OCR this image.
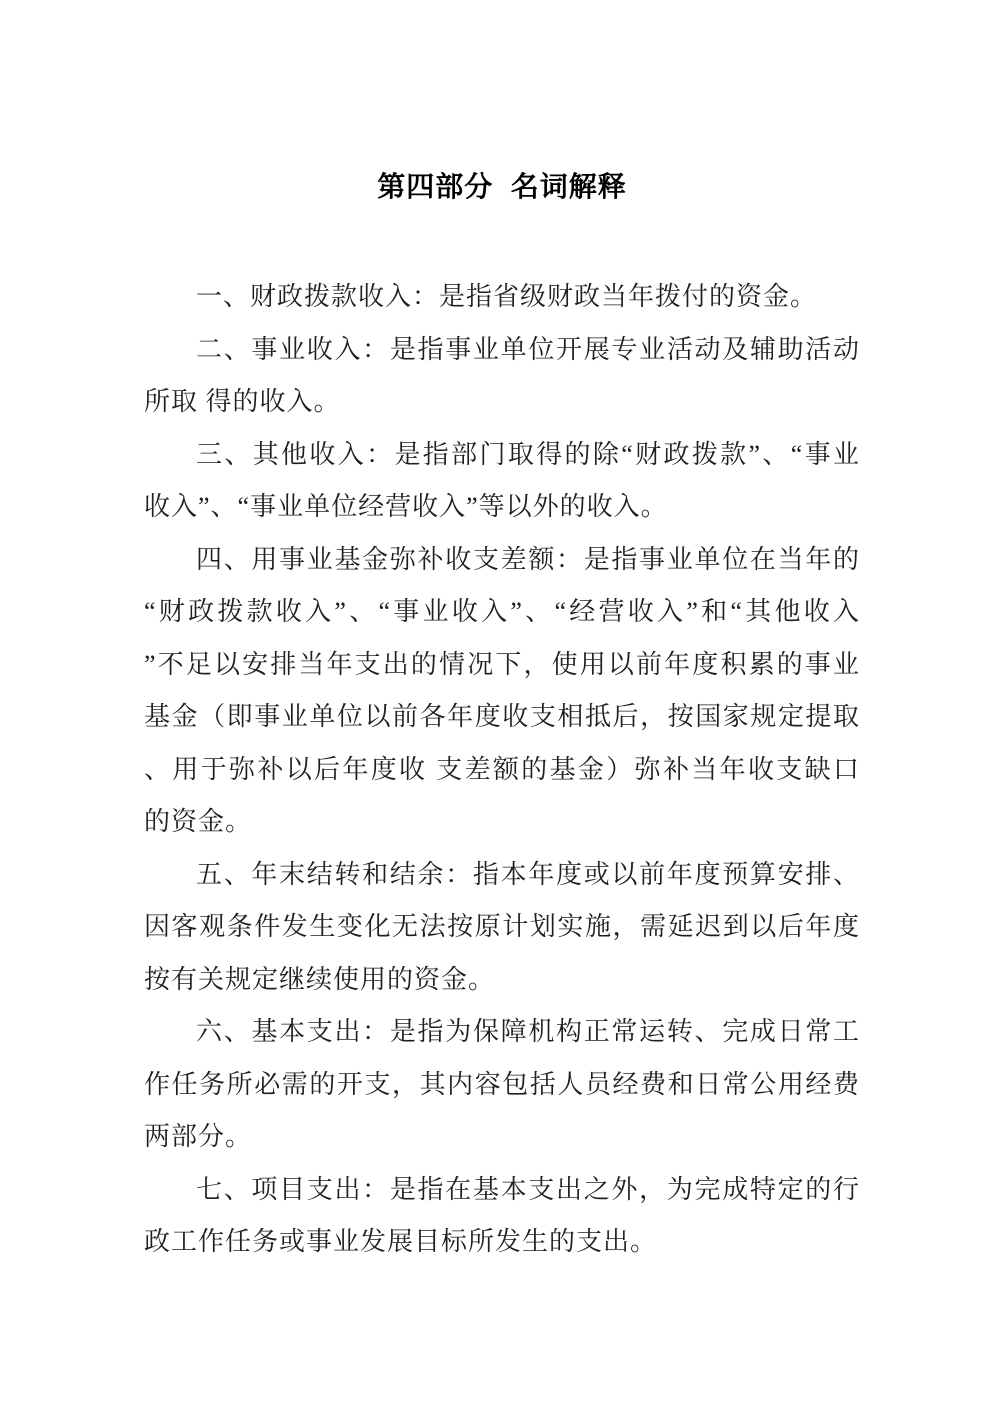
第四部分  名词解释
一、财政拨款收入：是指省级财政当年拨付的资金。
二、事业收入：是指事业单位开展专业活动及辅助活动
所取 得的收入。
三、其他收入：是指部门取得的除“财政拨款”、“事业
收入”、“事业单位经营收入”等以外的收入。
四、用事业基金弥补收支差额：是指事业单位在当年的
“财政拨款收入”、“事业收入”、“经营收入”和“其他收入
”不足以安排当年支出的情况下，使用以前年度积累的事业
基金（即事业单位以前各年度收支相抵后，按国家规定提取
、用于弥补以后年度收 支差额的基金）弥补当年收支缺口
的资金。
五、年末结转和结余：指本年度或以前年度预算安排、
因客观条件发生变化无法按原计划实施，需延迟到以后年度
按有关规定继续使用的资金。
六、基本支出：是指为保障机构正常运转、完成日常工
作任务所必需的开支，其内容包括人员经费和日常公用经费
两部分。
七、项目支出：是指在基本支出之外，为完成特定的行
政工作任务或事业发展目标所发生的支出。
